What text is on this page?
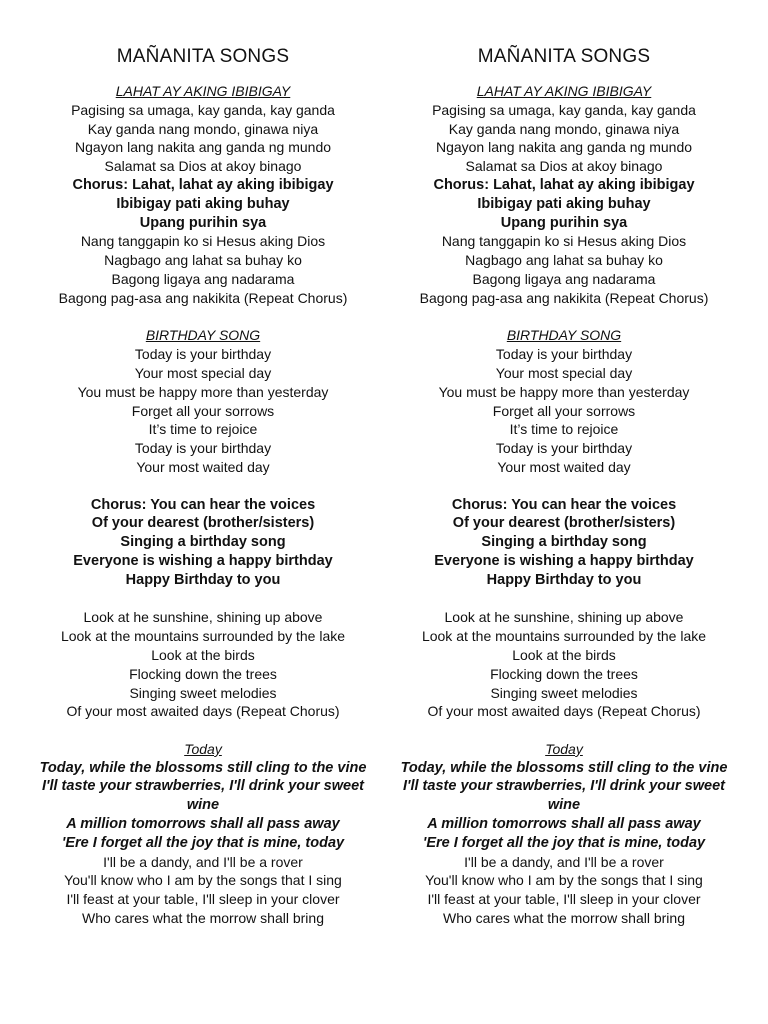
MAÑANITA SONGS
LAHAT AY AKING IBIBIGAY
Pagising sa umaga, kay ganda, kay ganda
Kay ganda nang mondo, ginawa niya
Ngayon lang nakita ang ganda ng mundo
Salamat sa Dios at akoy binago
Chorus: Lahat, lahat ay aking ibibigay
Ibibigay pati aking buhay
Upang purihin sya
Nang tanggapin ko si Hesus aking Dios
Nagbago ang lahat sa buhay ko
Bagong ligaya ang nadarama
Bagong pag-asa ang nakikita (Repeat Chorus)
BIRTHDAY SONG
Today is your birthday
Your most special day
You must be happy more than yesterday
Forget all your sorrows
It’s time to rejoice
Today is your birthday
Your most waited day
Chorus: You can hear the voices
Of your dearest (brother/sisters)
Singing a birthday song
Everyone is wishing a happy birthday
Happy Birthday to you
Look at he sunshine, shining up above
Look at the mountains surrounded by the lake
Look at the birds
Flocking down the trees
Singing sweet melodies
Of your most awaited days (Repeat Chorus)
Today
Today, while the blossoms still cling to the vine
I'll taste your strawberries, I'll drink your sweet wine
A million tomorrows shall all pass away
'Ere I forget all the joy that is mine, today
I'll be a dandy, and I'll be a rover
You'll know who I am by the songs that I sing
I'll feast at your table, I'll sleep in your clover
Who cares what the morrow shall bring
MAÑANITA SONGS
LAHAT AY AKING IBIBIGAY
Pagising sa umaga, kay ganda, kay ganda
Kay ganda nang mondo, ginawa niya
Ngayon lang nakita ang ganda ng mundo
Salamat sa Dios at akoy binago
Chorus: Lahat, lahat ay aking ibibigay
Ibibigay pati aking buhay
Upang purihin sya
Nang tanggapin ko si Hesus aking Dios
Nagbago ang lahat sa buhay ko
Bagong ligaya ang nadarama
Bagong pag-asa ang nakikita (Repeat Chorus)
BIRTHDAY SONG
Today is your birthday
Your most special day
You must be happy more than yesterday
Forget all your sorrows
It’s time to rejoice
Today is your birthday
Your most waited day
Chorus: You can hear the voices
Of your dearest (brother/sisters)
Singing a birthday song
Everyone is wishing a happy birthday
Happy Birthday to you
Look at he sunshine, shining up above
Look at the mountains surrounded by the lake
Look at the birds
Flocking down the trees
Singing sweet melodies
Of your most awaited days (Repeat Chorus)
Today
Today, while the blossoms still cling to the vine
I'll taste your strawberries, I'll drink your sweet wine
A million tomorrows shall all pass away
'Ere I forget all the joy that is mine, today
I'll be a dandy, and I'll be a rover
You'll know who I am by the songs that I sing
I'll feast at your table, I'll sleep in your clover
Who cares what the morrow shall bring
